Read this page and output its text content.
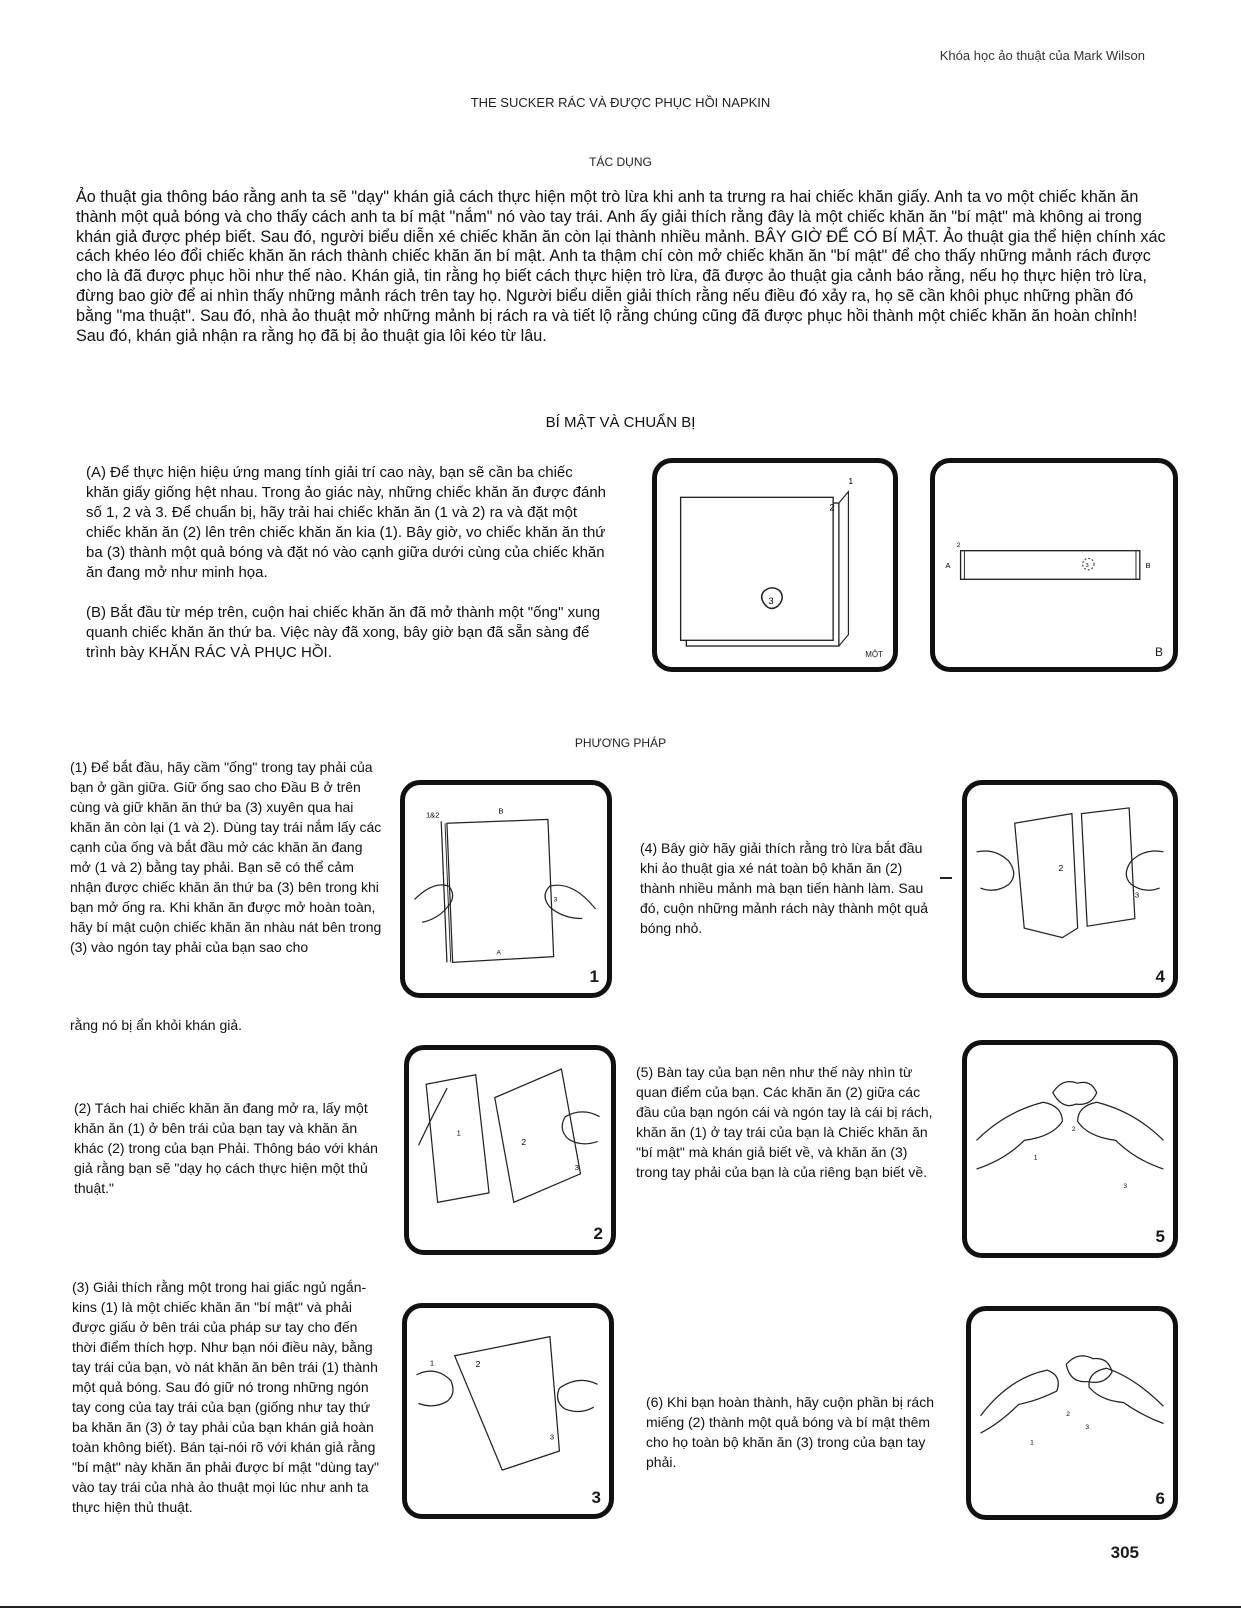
Khóa học ảo thuật của Mark Wilson
THE SUCKER RÁC VÀ ĐƯỢC PHỤC HỒI NAPKIN
TÁC DỤNG
Ảo thuật gia thông báo rằng anh ta sẽ "dạy" khán giả cách thực hiện một trò lừa khi anh ta trưng ra hai chiếc khăn giấy. Anh ta vo một chiếc khăn ăn thành một quả bóng và cho thấy cách anh ta bí mật "nắm" nó vào tay trái. Anh ấy giải thích rằng đây là một chiếc khăn ăn "bí mật" mà không ai trong khán giả được phép biết. Sau đó, người biểu diễn xé chiếc khăn ăn còn lại thành nhiều mảnh. BÂY GIỜ ĐỂ CÓ BÍ MẬT. Ảo thuật gia thể hiện chính xác cách khéo léo đổi chiếc khăn ăn rách thành chiếc khăn ăn bí mật. Anh ta thậm chí còn mở chiếc khăn ăn "bí mật" để cho thấy những mảnh rách được cho là đã được phục hồi như thế nào. Khán giả, tin rằng họ biết cách thực hiện trò lừa, đã được ảo thuật gia cảnh báo rằng, nếu họ thực hiện trò lừa, đừng bao giờ để ai nhìn thấy những mảnh rách trên tay họ. Người biểu diễn giải thích rằng nếu điều đó xảy ra, họ sẽ cần khôi phục những phần đó bằng "ma thuật". Sau đó, nhà ảo thuật mở những mảnh bị rách ra và tiết lộ rằng chúng cũng đã được phục hồi thành một chiếc khăn ăn hoàn chỉnh! Sau đó, khán giả nhận ra rằng họ đã bị ảo thuật gia lôi kéo từ lâu.
BÍ MẬT VÀ CHUẨN BỊ

(A) Để thực hiện hiệu ứng mang tính giải trí cao này, bạn sẽ cần ba chiếc khăn giấy giống hệt nhau. Trong ảo giác này, những chiếc khăn ăn được đánh số 1, 2 và 3. Để chuẩn bị, hãy trải hai chiếc khăn ăn (1 và 2) ra và đặt một chiếc khăn ăn (2) lên trên chiếc khăn ăn kia (1). Bây giờ, vo chiếc khăn ăn thứ ba (3) thành một quả bóng và đặt nó vào cạnh giữa dưới cùng của chiếc khăn ăn đang mở như minh họa.

(B) Bắt đầu từ mép trên, cuộn hai chiếc khăn ăn đã mở thành một "ống" xung quanh chiếc khăn ăn thứ ba. Việc này đã xong, bây giờ bạn đã sẵn sàng để trình bày KHĂN RÁC VÀ PHỤC HỒI.

3
1
2
MỘT
A	B
2
3
B
PHƯƠNG PHÁP

(1) Để bắt đầu, hãy cầm "ống" trong tay phải của bạn ở gần giữa. Giữ ống sao cho Đầu B ở trên cùng và giữ khăn ăn thứ ba (3) xuyên qua hai khăn ăn còn lại (1 và 2). Dùng tay trái nắm lấy các cạnh của ống và bắt đầu mở các khăn ăn đang mở (1 và 2) bằng tay phải. Bạn sẽ có thể cảm nhận được chiếc khăn ăn thứ ba (3) bên trong khi bạn mở ống ra. Khi khăn ăn được mở hoàn toàn, hãy bí mật cuộn chiếc khăn ăn nhàu nát bên trong (3) vào ngón tay phải của bạn sao cho

rằng nó bị ẩn khỏi khán giả.
1&2	B
A
3
1

(4) Bây giờ hãy giải thích rằng trò lừa bắt đầu khi ảo thuật gia xé nát toàn bộ khăn ăn (2) thành nhiều mảnh mà bạn tiến hành làm. Sau đó, cuộn những mảnh rách này thành một quả bóng nhỏ.

2
3
4

(2) Tách hai chiếc khăn ăn đang mở ra, lấy một khăn ăn (1) ở bên trái của bạn tay và khăn ăn khác (2) trong của bạn Phải. Thông báo với khán giả rằng bạn sẽ "dạy họ cách thực hiện một thủ thuật."

1
2
3
2

(5) Bàn tay của bạn nên như thế này nhìn từ quan điểm của bạn. Các khăn ăn (2) giữa các đầu của bạn ngón cái và ngón tay là cái bị rách, khăn ăn (1) ở tay trái của bạn là Chiếc khăn ăn "bí mật" mà khán giả biết về, và khăn ăn (3) trong tay phải của bạn là của riêng bạn biết về.

1
2
3
5

(3) Giải thích rằng một trong hai giấc ngủ ngắn-kins (1) là một chiếc khăn ăn "bí mật" và phải được giấu ở bên trái của pháp sư tay cho đến thời điểm thích hợp. Như bạn nói điều này, bằng tay trái của bạn, vò nát khăn ăn bên trái (1) thành một quả bóng. Sau đó giữ nó trong những ngón tay cong của tay trái của bạn (giống như tay thứ ba khăn ăn (3) ở tay phải của bạn khán giả hoàn toàn không biết). Bán tại-nói rõ với khán giả rằng "bí mật" này khăn ăn phải được bí mật "dùng tay" vào tay trái của nhà ảo thuật mọi lúc như anh ta thực hiện thủ thuật.

1	2
3
3

(6) Khi bạn hoàn thành, hãy cuộn phần bị rách miếng (2) thành một quả bóng và bí mật thêm cho họ toàn bộ khăn ăn (3) trong của bạn tay phải.

1
2
3
6
305
